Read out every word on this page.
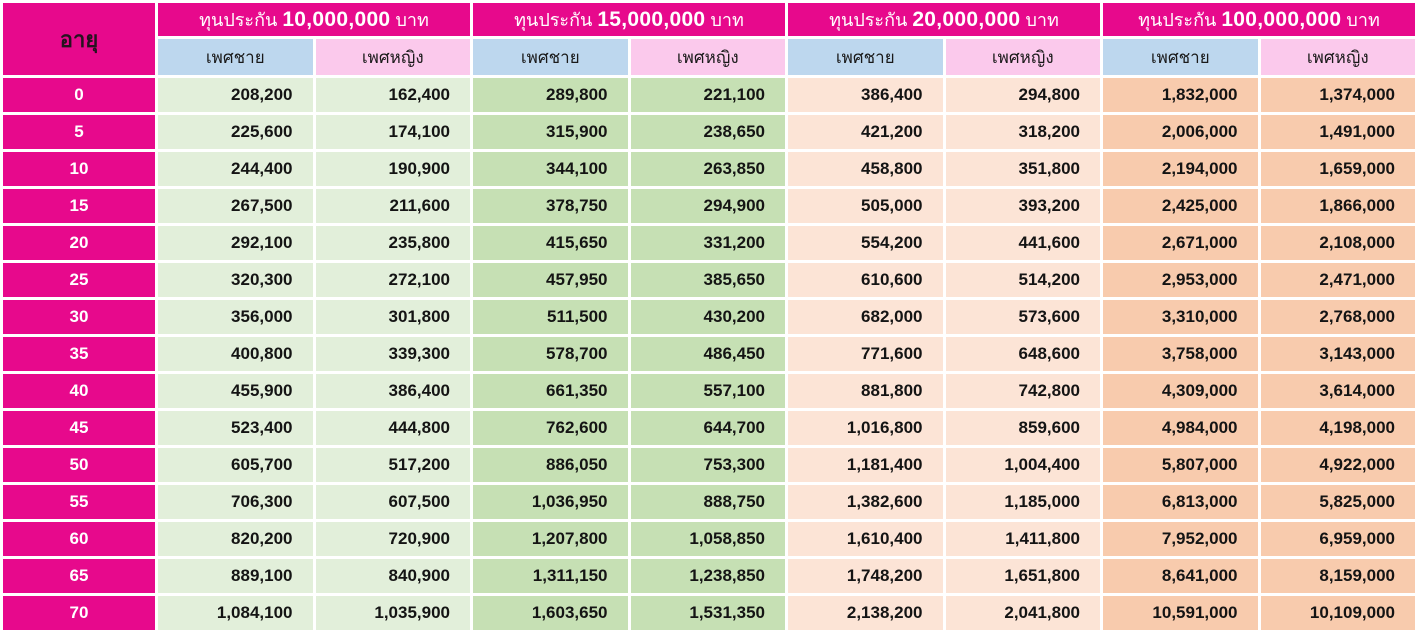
อายุ	ทุนประกัน 10,000,000 บาท		ทุนประกัน 15,000,000 บาท		ทุนประกัน 20,000,000 บาท		ทุนประกัน 100,000,000 บาท	
	เพศชาย	เพศหญิง	เพศชาย	เพศหญิง	เพศชาย	เพศหญิง	เพศชาย	เพศหญิง
0	208,200	162,400	289,800	221,100	386,400	294,800	1,832,000	1,374,000
5	225,600	174,100	315,900	238,650	421,200	318,200	2,006,000	1,491,000
10	244,400	190,900	344,100	263,850	458,800	351,800	2,194,000	1,659,000
15	267,500	211,600	378,750	294,900	505,000	393,200	2,425,000	1,866,000
20	292,100	235,800	415,650	331,200	554,200	441,600	2,671,000	2,108,000
25	320,300	272,100	457,950	385,650	610,600	514,200	2,953,000	2,471,000
30	356,000	301,800	511,500	430,200	682,000	573,600	3,310,000	2,768,000
35	400,800	339,300	578,700	486,450	771,600	648,600	3,758,000	3,143,000
40	455,900	386,400	661,350	557,100	881,800	742,800	4,309,000	3,614,000
45	523,400	444,800	762,600	644,700	1,016,800	859,600	4,984,000	4,198,000
50	605,700	517,200	886,050	753,300	1,181,400	1,004,400	5,807,000	4,922,000
55	706,300	607,500	1,036,950	888,750	1,382,600	1,185,000	6,813,000	5,825,000
60	820,200	720,900	1,207,800	1,058,850	1,610,400	1,411,800	7,952,000	6,959,000
65	889,100	840,900	1,311,150	1,238,850	1,748,200	1,651,800	8,641,000	8,159,000
70	1,084,100	1,035,900	1,603,650	1,531,350	2,138,200	2,041,800	10,591,000	10,109,000
